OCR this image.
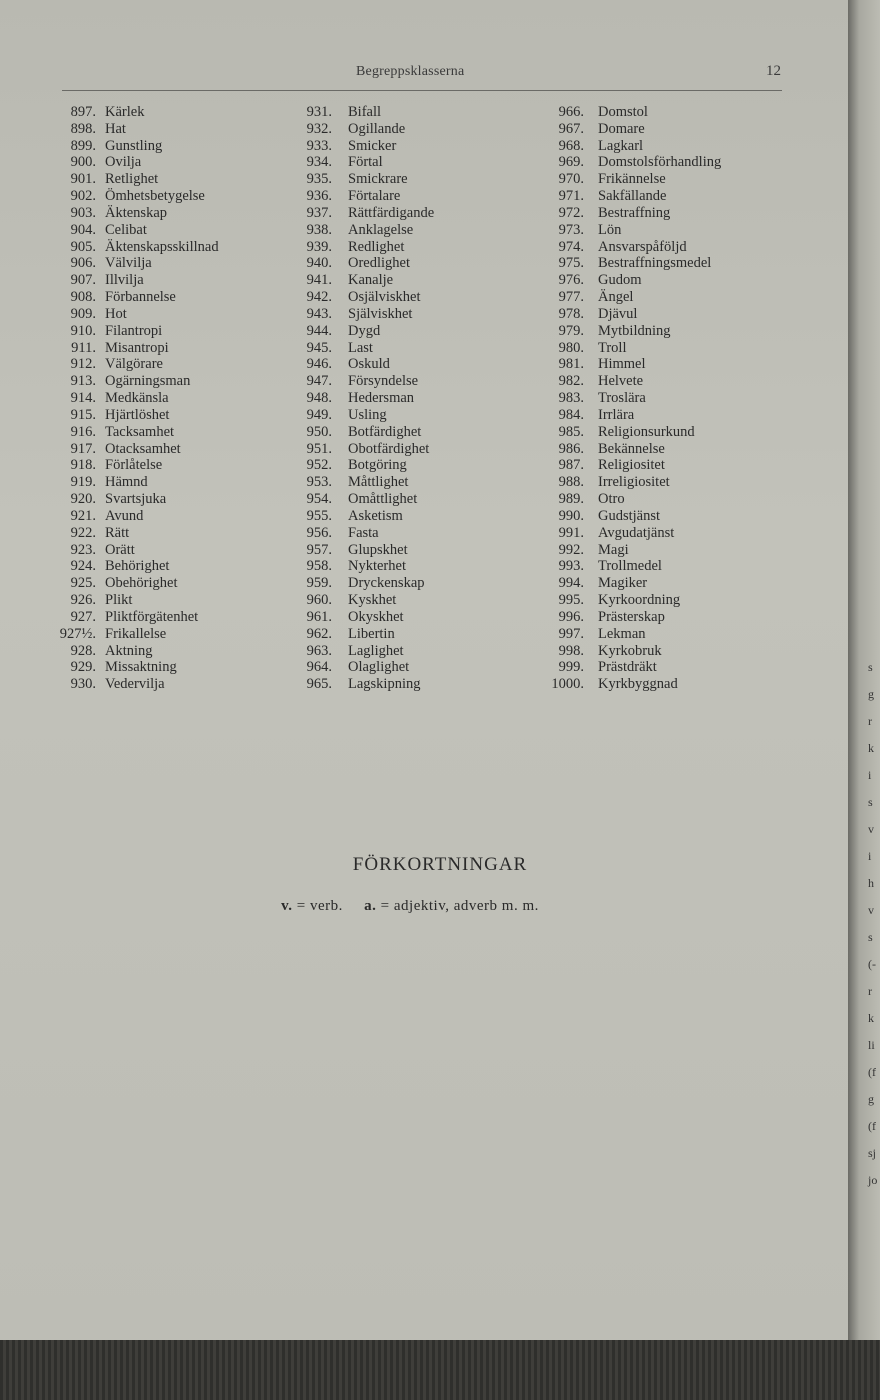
Begreppsklasserna	12
897. Kärlek
898. Hat
899. Gunstling
900. Ovilja
901. Retlighet
902. Ömhetsbetygelse
903. Äktenskap
904. Celibat
905. Äktenskapsskillnad
906. Välvilja
907. Illvilja
908. Förbannelse
909. Hot
910. Filantropi
911. Misantropi
912. Välgörare
913. Ogärningsman
914. Medkänsla
915. Hjärtlöshet
916. Tacksamhet
917. Otacksamhet
918. Förlåtelse
919. Hämnd
920. Svartsjuka
921. Avund
922. Rätt
923. Orätt
924. Behörighet
925. Obehörighet
926. Plikt
927. Pliktförgätenhet
927½. Frikallelse
928. Aktning
929. Missaktning
930. Vedervilja
931. Bifall
932. Ogillande
933. Smicker
934. Förtal
935. Smickrare
936. Förtalare
937. Rättfärdigande
938. Anklagelse
939. Redlighet
940. Oredlighet
941. Kanalje
942. Osjälviskhet
943. Själviskhet
944. Dygd
945. Last
946. Oskuld
947. Försyndelse
948. Hedersman
949. Usling
950. Botfärdighet
951. Obotfärdighet
952. Botgöring
953. Måttlighet
954. Omåttlighet
955. Asketism
956. Fasta
957. Glupskhet
958. Nykterhet
959. Dryckenskap
960. Kyskhet
961. Okyskhet
962. Libertin
963. Laglighet
964. Olaglighet
965. Lagskipning
966. Domstol
967. Domare
968. Lagkarl
969. Domstolsförhandling
970. Frikännelse
971. Sakfällande
972. Bestraffning
973. Lön
974. Ansvarspåföljd
975. Bestraffningsmedel
976. Gudom
977. Ängel
978. Djävul
979. Mytbildning
980. Troll
981. Himmel
982. Helvete
983. Troslära
984. Irrlära
985. Religionsurkund
986. Bekännelse
987. Religiositet
988. Irreligiositet
989. Otro
990. Gudstjänst
991. Avgudatjänst
992. Magi
993. Trollmedel
994. Magiker
995. Kyrkoordning
996. Prästerskap
997. Lekman
998. Kyrkobruk
999. Prästdräkt
1000. Kyrkbyggnad
FÖRKORTNINGAR
v. = verb. a. = adjektiv, adverb m. m.
s
g
r
k
i
s
v
i
h
v
s
(-
r
k
li
(f
g
(f
sj
jo
